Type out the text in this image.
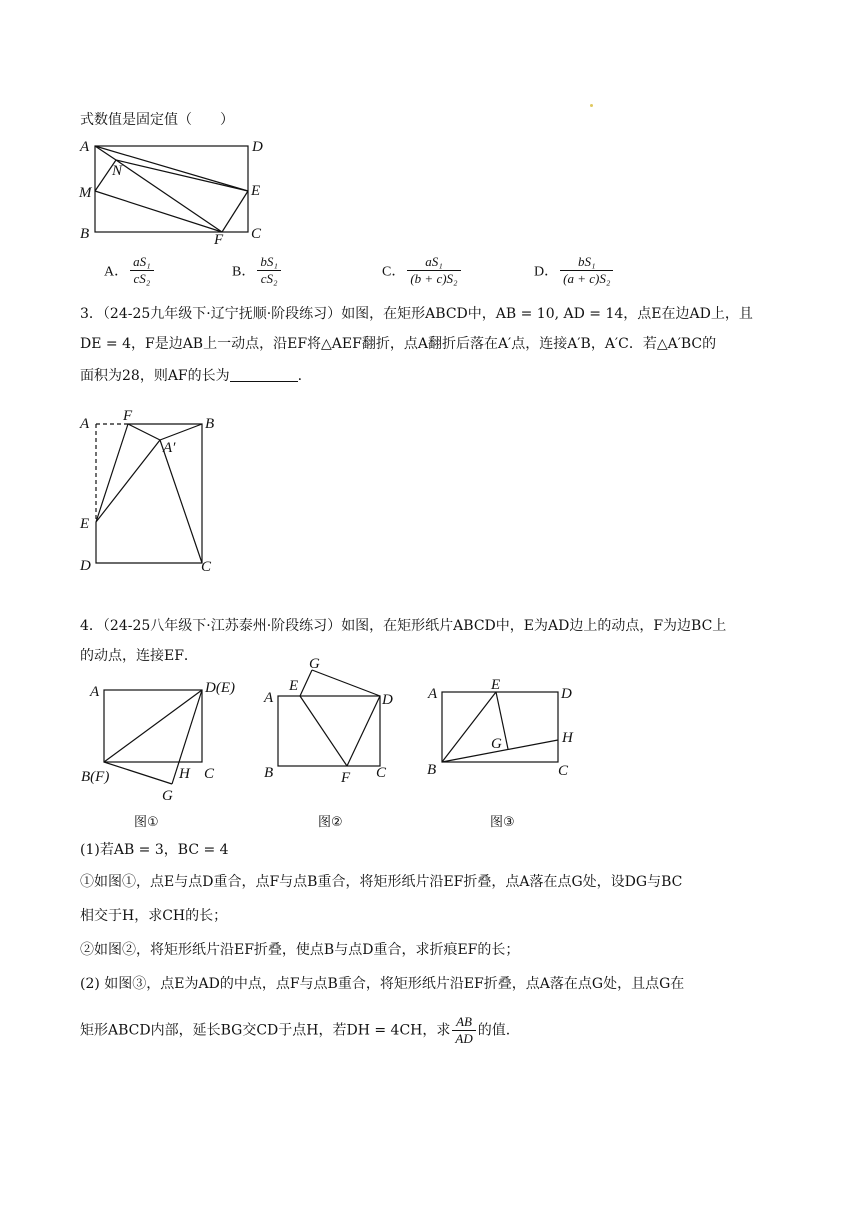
式数值是固定值（　　）
A	D
N
M	E
B	F C
A． $\frac{\text{aS₁}}{\text{cS₂}}$	B． $\frac{\text{bS₁}}{\text{cS₂}}$	C． $\frac{\text{aS₁}}{\text{(b + c)S₂}}$	D． $\frac{\text{bS₁}}{\text{(a + c)S₂}}$
3．（24-25九年级下·辽宁抚顺·阶段练习）如图，在矩形ABCD中，AB = 10, AD = 14，点E在边AD上，且
DE = 4，F是边AB上一动点，沿EF将△AEF翻折，点A翻折后落在A′点，连接A′B，A′C．若△A′BC的
面积为28，则AF的长为	.
A F	B
A′
E
D	C
4．（24-25八年级下·江苏泰州·阶段练习）如图，在矩形纸片ABCD中，E为AD边上的动点，F为边BC上
的动点，连接EF．
A	D(E)
B(F)	H C
G
图①
G
E
A	D
B	F C
图②
A
E
D
H
G
B	C
图③
(1)若AB = 3，BC = 4
①如图①，点E与点D重合，点F与点B重合，将矩形纸片沿EF折叠，点A落在点G处，设DG与BC
相交于H，求CH的长；
②如图②，将矩形纸片沿EF折叠，使点B与点D重合，求折痕EF的长；
(2) 如图③，点E为AD的中点，点F与点B重合，将矩形纸片沿EF折叠，点A落在点G处，且点G在
矩形ABCD内部，延长BG交CD于点H，若DH = 4CH，求 $\frac{AB}{AD}$ 的值.
